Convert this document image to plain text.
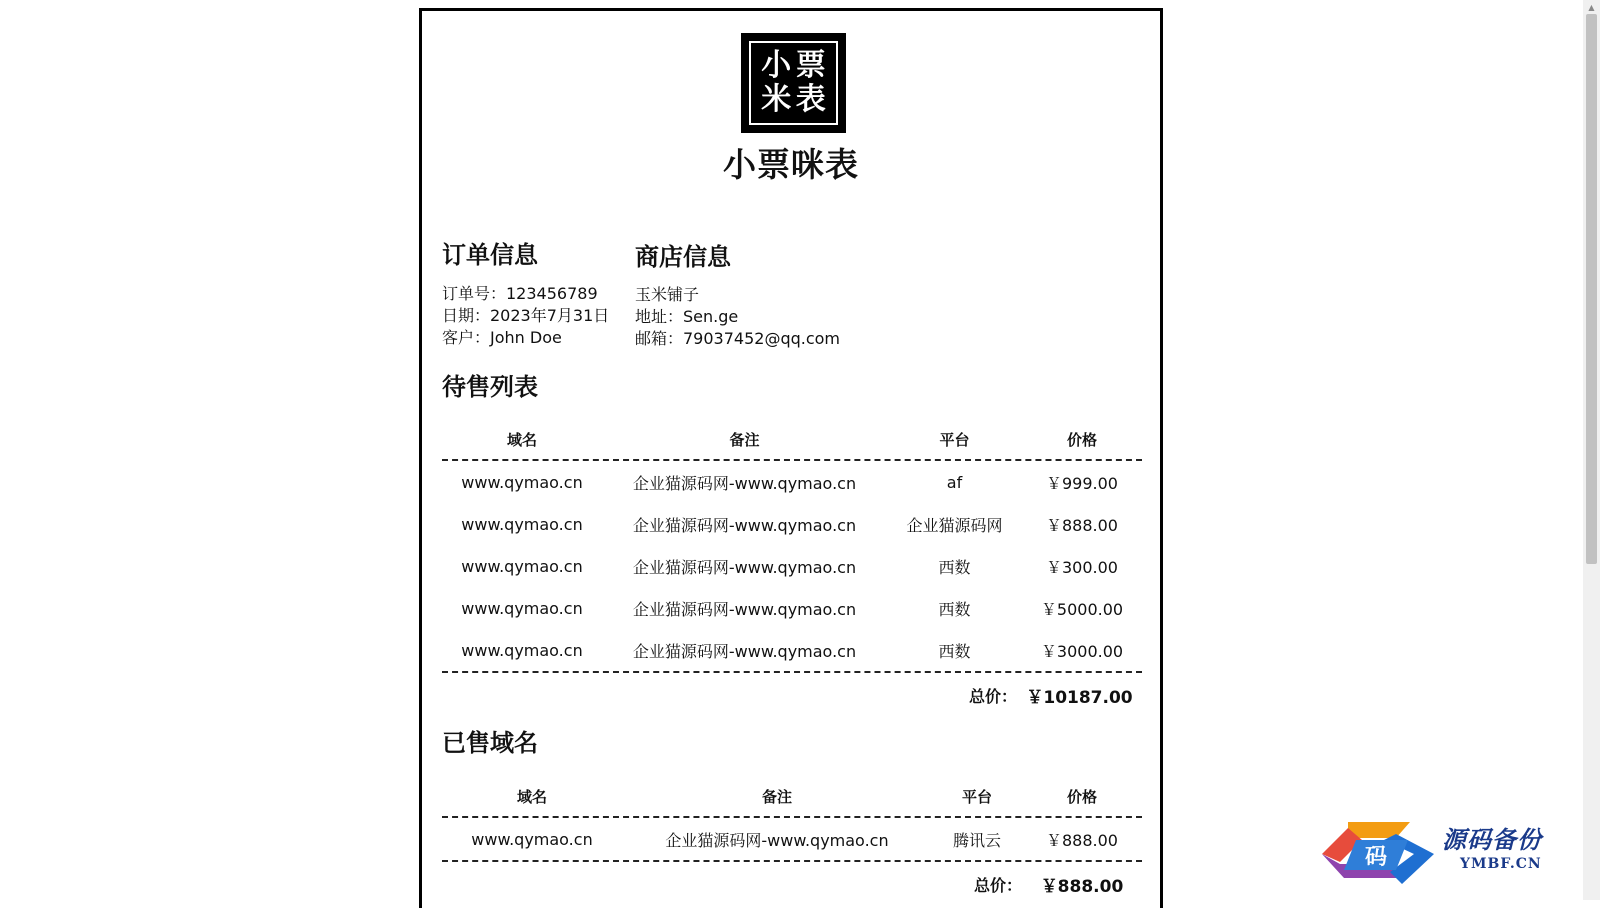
小 票
米 表
小票咪表
订单信息
订单号：123456789
日期：2023年7月31日
客户：John Doe
商店信息
玉米铺子
地址：Sen.ge
邮箱：79037452@qq.com
待售列表
域名	备注	平台	价格
www.qymao.cn	企业猫源码网-www.qymao.cn	af	￥999.00
www.qymao.cn	企业猫源码网-www.qymao.cn	企业猫源码网	￥888.00
www.qymao.cn	企业猫源码网-www.qymao.cn	西数	￥300.00
www.qymao.cn	企业猫源码网-www.qymao.cn	西数	￥5000.00
www.qymao.cn	企业猫源码网-www.qymao.cn	西数	￥3000.00
总价： ￥10187.00
已售域名
域名	备注	平台	价格
www.qymao.cn	企业猫源码网-www.qymao.cn	腾讯云	￥888.00
总价：	￥888.00
▲
码
源码备份
YMBF.CN
